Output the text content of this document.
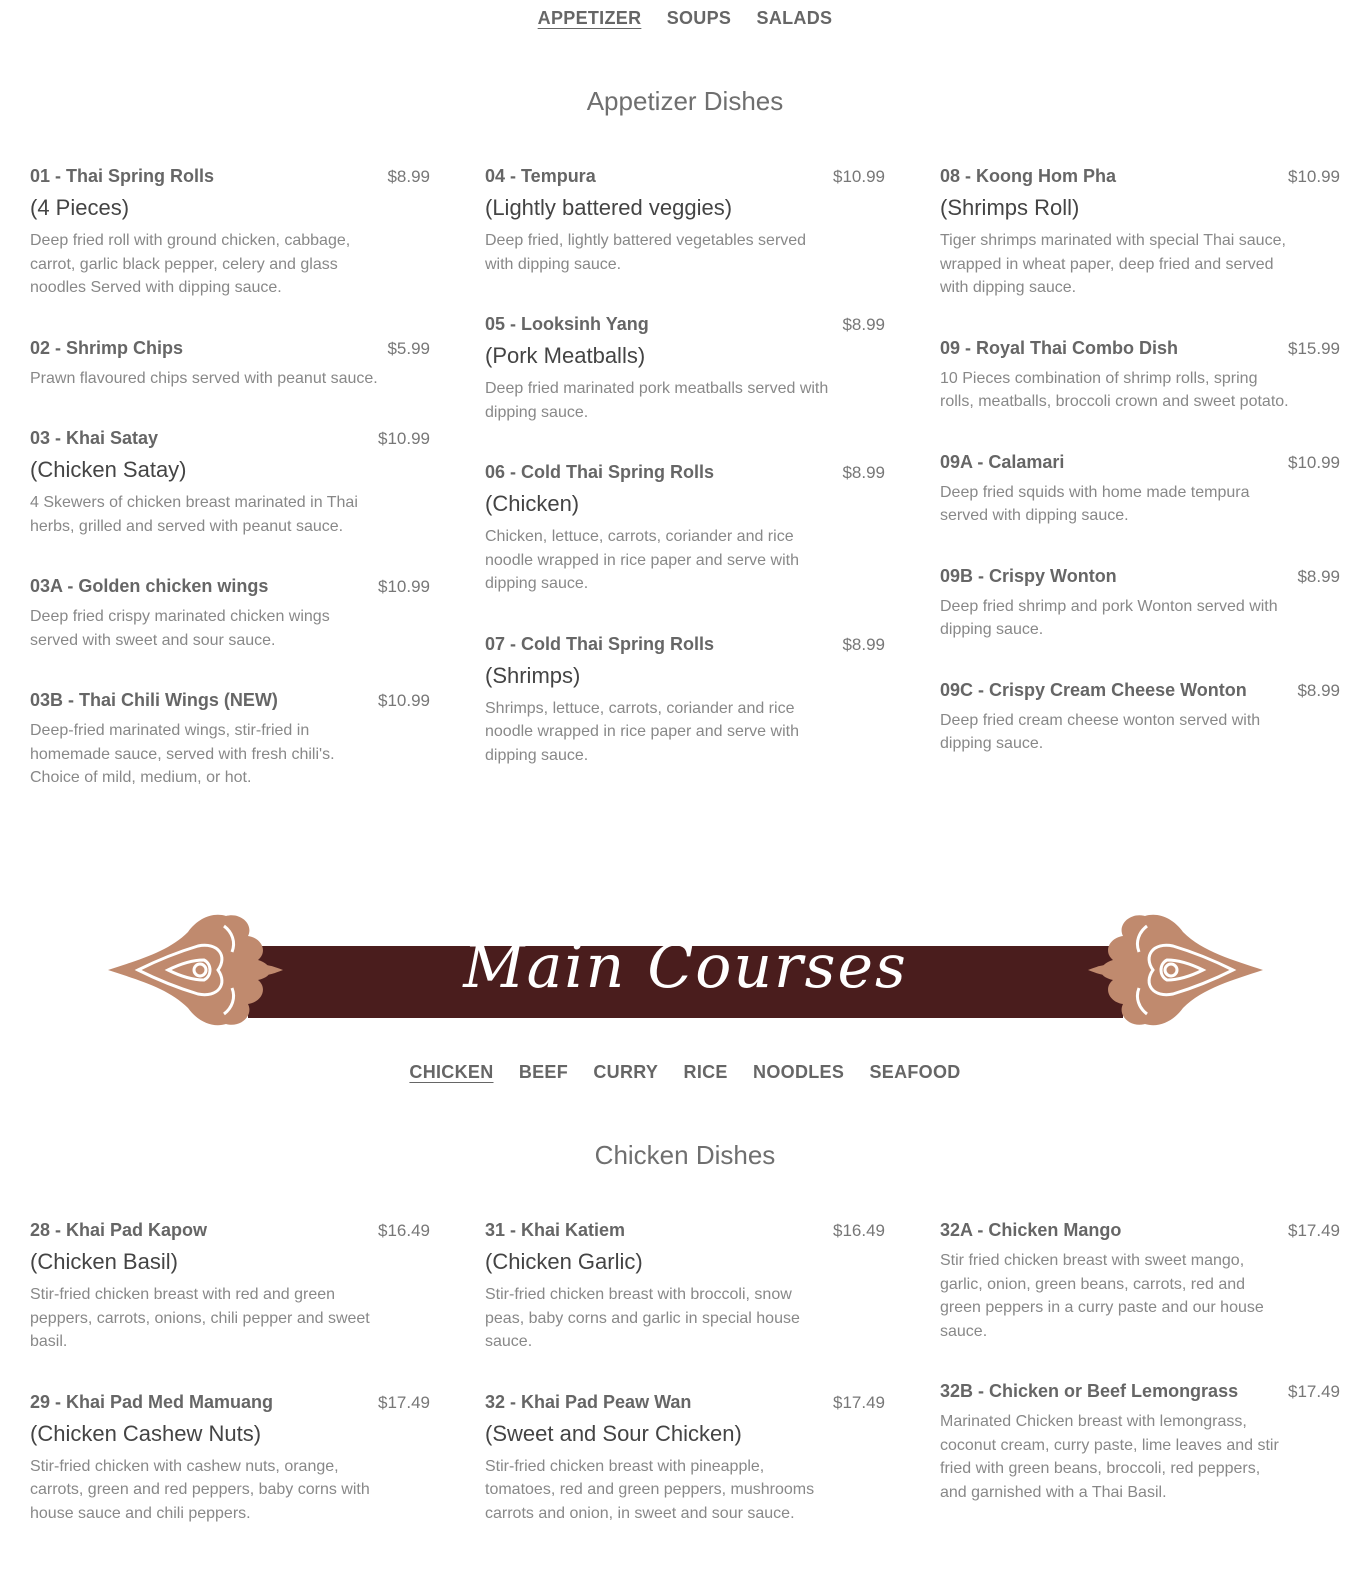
APPETIZER SOUPS SALADS
Appetizer Dishes
01 - Thai Spring Rolls	$8.99
(4 Pieces)
Deep fried roll with ground chicken, cabbage, carrot, garlic black pepper, celery and glass noodles Served with dipping sauce.
02 - Shrimp Chips	$5.99
Prawn flavoured chips served with peanut sauce.
03 - Khai Satay	$10.99
(Chicken Satay)
4 Skewers of chicken breast marinated in Thai herbs, grilled and served with peanut sauce.
03A - Golden chicken wings	$10.99
Deep fried crispy marinated chicken wings served with sweet and sour sauce.
03B - Thai Chili Wings (NEW)	$10.99
Deep-fried marinated wings, stir-fried in homemade sauce, served with fresh chili's. Choice of mild, medium, or hot.
04 - Tempura	$10.99
(Lightly battered veggies)
Deep fried, lightly battered vegetables served with dipping sauce.
05 - Looksinh Yang	$8.99
(Pork Meatballs)
Deep fried marinated pork meatballs served with dipping sauce.
06 - Cold Thai Spring Rolls	$8.99
(Chicken)
Chicken, lettuce, carrots, coriander and rice noodle wrapped in rice paper and serve with dipping sauce.
07 - Cold Thai Spring Rolls	$8.99
(Shrimps)
Shrimps, lettuce, carrots, coriander and rice noodle wrapped in rice paper and serve with dipping sauce.
08 - Koong Hom Pha	$10.99
(Shrimps Roll)
Tiger shrimps marinated with special Thai sauce, wrapped in wheat paper, deep fried and served with dipping sauce.
09 - Royal Thai Combo Dish	$15.99
10 Pieces combination of shrimp rolls, spring rolls, meatballs, broccoli crown and sweet potato.
09A - Calamari	$10.99
Deep fried squids with home made tempura served with dipping sauce.
09B - Crispy Wonton	$8.99
Deep fried shrimp and pork Wonton served with dipping sauce.
09C - Crispy Cream Cheese Wonton	$8.99
Deep fried cream cheese wonton served with dipping sauce.
Main Courses
CHICKEN BEEF CURRY RICE NOODLES SEAFOOD
Chicken Dishes
28 - Khai Pad Kapow	$16.49
(Chicken Basil)
Stir-fried chicken breast with red and green peppers, carrots, onions, chili pepper and sweet basil.
29 - Khai Pad Med Mamuang	$17.49
(Chicken Cashew Nuts)
Stir-fried chicken with cashew nuts, orange, carrots, green and red peppers, baby corns with house sauce and chili peppers.
31 - Khai Katiem	$16.49
(Chicken Garlic)
Stir-fried chicken breast with broccoli, snow peas, baby corns and garlic in special house sauce.
32 - Khai Pad Peaw Wan	$17.49
(Sweet and Sour Chicken)
Stir-fried chicken breast with pineapple, tomatoes, red and green peppers, mushrooms carrots and onion, in sweet and sour sauce.
32A - Chicken Mango	$17.49
Stir fried chicken breast with sweet mango, garlic, onion, green beans, carrots, red and green peppers in a curry paste and our house sauce.
32B - Chicken or Beef Lemongrass	$17.49
Marinated Chicken breast with lemongrass, coconut cream, curry paste, lime leaves and stir fried with green beans, broccoli, red peppers, and garnished with a Thai Basil.
